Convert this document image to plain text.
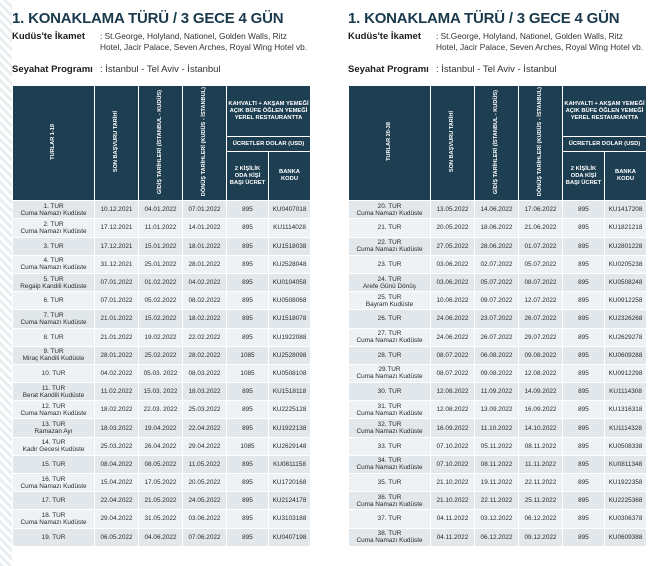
1. KONAKLAMA TÜRÜ / 3 GECE 4 GÜN
Kudüs'te İkamet	: St.George, Holyland, Nationel, Golden Walls, Ritz Hotel, Jacir Palace, Seven Arches, Royal Wing Hotel vb.
Seyahat Programı : İstanbul - Tel Aviv - İstanbul
TURLAR 1-19	SON BAŞVURU TARİHİ	GİDİŞ TARİHLERİ (İSTANBUL - KUDÜS)	DÖNÜŞ TARİHLERİ (KUDÜS - İSTANBUL)	KAHVALTI + AKŞAM YEMEĞİ AÇIK BÜFE ÖĞLEN YEMEĞİ YEREL RESTAURANTTA	
				ÜCRETLER DOLAR (USD)	
				2 KİŞİLİK ODA KİŞİ BAŞI ÜCRET	BANKA KODU

1. TUR
Cuma Namazı Kudüste	10.12.2021	04.01.2022	07.01.2022	895	KU0407018

2. TUR
Cuma Namazı Kudüste	17.12.2021	11.01.2022	14.01.2022	895	KU1114028

3. TUR	17.12.2021	15.01.2022	18.01.2022	895	KU1518038

4. TUR
Cuma Namazı Kudüste	31.12.2021	25.01.2022	28.01.2022	895	KU2528048

5. TUR
Regaip Kandili Kudüste	07.01.2022	01.02.2022	04.02.2022	895	KU0104058

6. TUR	07.01.2022	05.02.2022	08.02.2022	895	KU0508068

7. TUR
Cuma Namazı Kudüste	21.01.2022	15.02.2022	18.02.2022	895	KU1518078

8. TUR	21.01.2022	19.02.2022	22.02.2022	895	KU1922088

9. TUR
Miraç Kandili Kudüste	28.01.2022	25.02.2022	28.02.2022	1085	KU2528098

10. TUR	04.02.2022	05.03. 2022	08.03.2022	1085	KU0508108

11. TUR
Berat Kandili Kudüste	11.02.2022	15.03. 2022	18.03.2022	895	KU1518118

12. TUR
Cuma Namazı Kudüste	18.02.2022	22.03. 2022	25.03.2022	895	KU2225128

13. TUR
Ramazan Ayı	18.03.2022	19.04.2022	22.04.2022	895	KU1922138

14. TUR
Kadir Gecesi Kudüste	25.03.2022	26.04.2022	29.04.2022	1085	KU2629148

15. TUR	08.04.2022	08.05.2022	11.05.2022	895	KU0811158

16. TUR
Cuma Namazı Kudüste	15.04.2022	17.05.2022	20.05.2022	895	KU1720168

17. TUR	22.04.2022	21.05.2022	24.05.2022	895	KU2124178

18. TUR
Cuma Namazı Kudüste	29.04.2022	31.05.2022	03.06.2022	895	KU3103188

19. TUR	06.05.2022	04.06.2022	07.06.2022	895	KU0407198
1. KONAKLAMA TÜRÜ / 3 GECE 4 GÜN
Kudüs'te İkamet	: St.George, Holyland, Nationel, Golden Walls, Ritz Hotel, Jacir Palace, Seven Arches, Royal Wing Hotel vb.
Seyahat Programı : İstanbul - Tel Aviv - İstanbul
TURLAR 20-38	SON BAŞVURU TARİHİ	GİDİŞ TARİHLERİ (İSTANBUL - KUDÜS)	DÖNÜŞ TARİHLERİ (KUDÜS - İSTANBUL)	KAHVALTI + AKŞAM YEMEĞİ AÇIK BÜFE ÖĞLEN YEMEĞİ YEREL RESTAURANTTA	
				ÜCRETLER DOLAR (USD)	
				2 KİŞİLİK ODA KİŞİ BAŞI ÜCRET	BANKA KODU

20. TUR
Cuma Namazı Kudüste	13.05.2022	14.06.2022	17.06.2022	895	KU1417208

21. TUR	20.05.2022	18.06.2022	21.06.2022	895	KU1821218

22. TUR
Cuma Namazı Kudüste	27.05.2022	28.06.2022	01.07.2022	895	KU2801228

23. TUR	03.06.2022	02.07.2022	05.07.2022	895	KU0205238

24. TUR
Arefe Günü Dönüş	03.06.2022	05.07.2022	08.07.2022	895	KU0508248

25. TUR
Bayram Kudüste	10.06.2022	09.07.2022	12.07.2022	895	KU0912258

26. TUR	24.06.2022	23.07.2022	26.07.2022	895	KU2326268

27. TUR
Cuma Namazı Kudüste	24.06.2022	26.07.2022	29.07.2022	895	KU2629278

28. TUR	08.07.2022	06.08.2022	09.08.2022	895	KU0609288

29.TUR
Cuma Namazı Kudüste	08.07.2022	09.08.2022	12.08.2022	895	KU0912298

30. TUR	12.08.2022	11.09.2022	14.09.2022	895	KU1114308

31. TUR
Cuma Namazı Kudüste	12.08.2022	13.09.2022	16.09.2022	895	KU1316318

32. TUR
Cuma Namazı Kudüste	16.09.2022	11.10.2022	14.10.2022	895	KU1114328

33. TUR	07.10.2022	05.11.2022	08.11.2022	895	KU0508338

34. TUR
Cuma Namazı Kudüste	07.10.2022	08.11.2022	11.11.2022	895	KU0811348

35. TUR	21.10.2022	19.11.2022	22.11.2022	895	KU1922358

36. TUR
Cuma Namazı Kudüste	21.10.2022	22.11.2022	25.11.2022	895	KU2225368

37. TUR	04.11.2022	03.12.2022	06.12.2022	895	KU0306378

38. TUR
Cuma Namazı Kudüste	04.11.2022	06.12.2022	09.12.2022	895	KU0609388
